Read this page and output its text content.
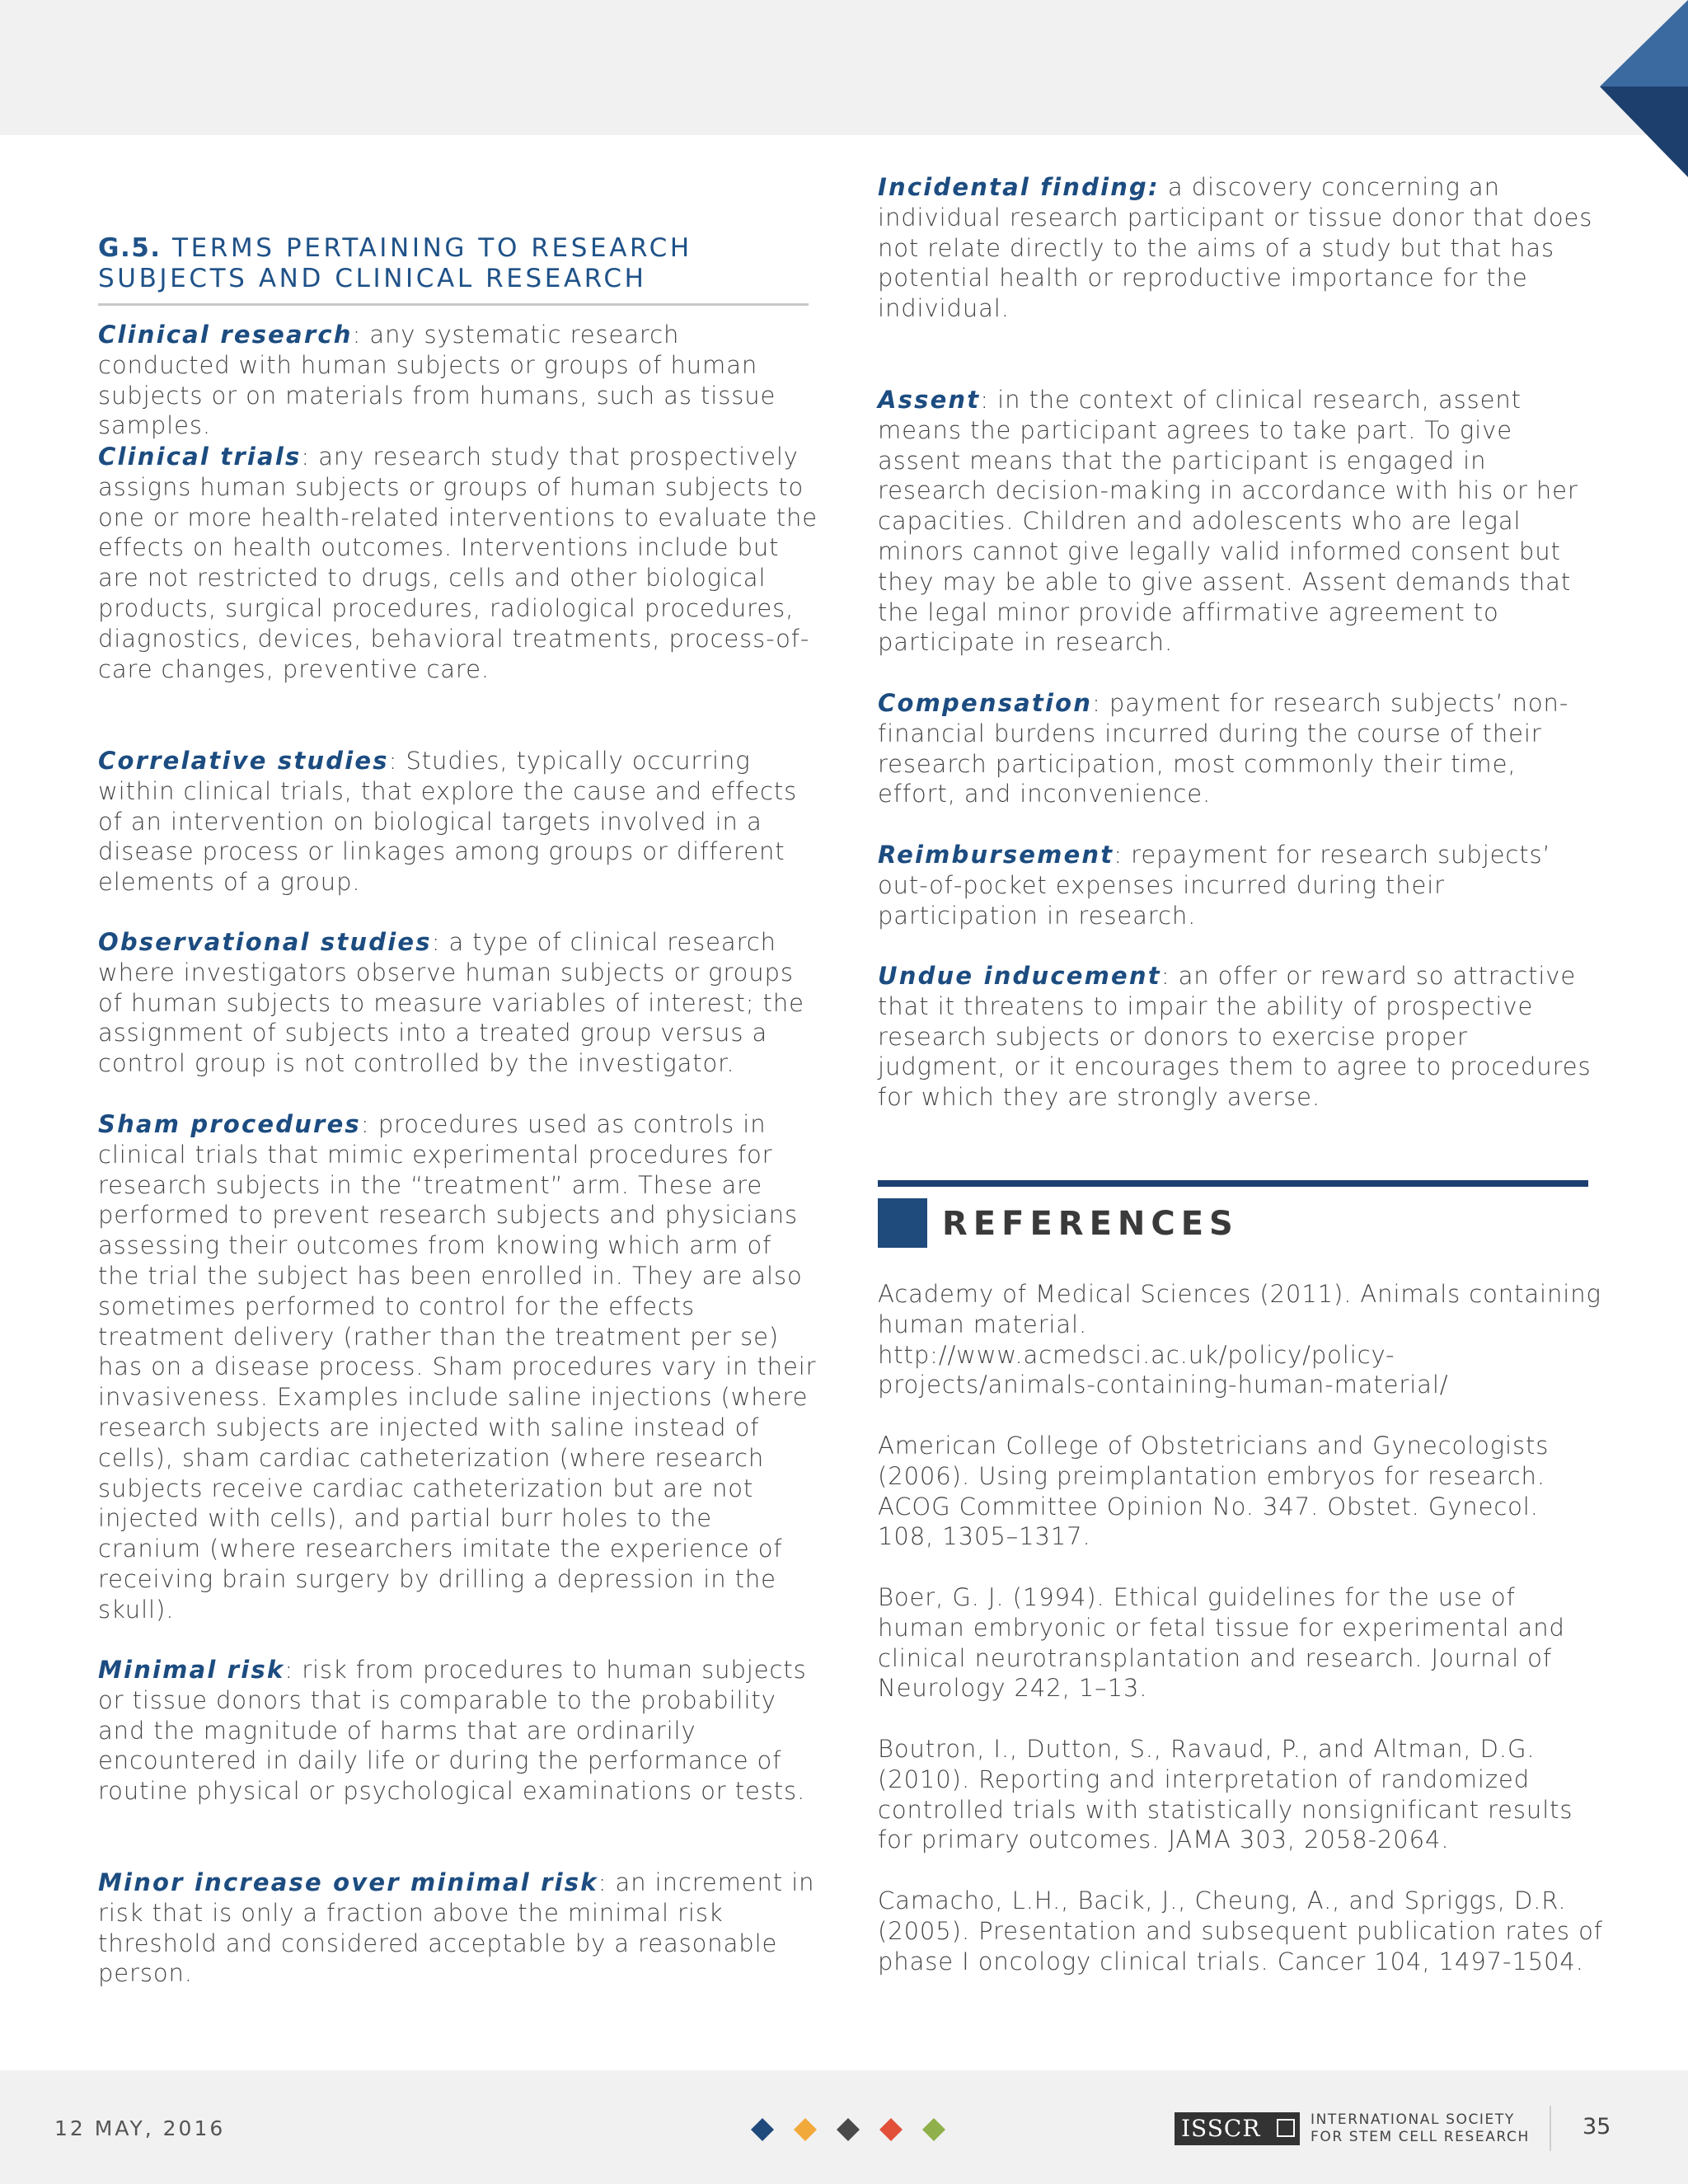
G.5. TERMS PERTAINING TO RESEARCH SUBJECTS AND CLINICAL RESEARCH
Clinical research: any systematic research conducted with human subjects or groups of human subjects or on materials from humans, such as tissue samples.
Clinical trials: any research study that prospectively assigns human subjects or groups of human subjects to one or more health-related interventions to evaluate the effects on health outcomes. Interventions include but are not restricted to drugs, cells and other biological products, surgical procedures, radiological procedures, diagnostics, devices, behavioral treatments, process-of-care changes, preventive care.
Correlative studies: Studies, typically occurring within clinical trials, that explore the cause and effects of an intervention on biological targets involved in a disease process or linkages among groups or different elements of a group.
Observational studies: a type of clinical research where investigators observe human subjects or groups of human subjects to measure variables of interest; the assignment of subjects into a treated group versus a control group is not controlled by the investigator.
Sham procedures: procedures used as controls in clinical trials that mimic experimental procedures for research subjects in the “treatment” arm. These are performed to prevent research subjects and physicians assessing their outcomes from knowing which arm of the trial the subject has been enrolled in. They are also sometimes performed to control for the effects treatment delivery (rather than the treatment per se) has on a disease process. Sham procedures vary in their invasiveness. Examples include saline injections (where research subjects are injected with saline instead of cells), sham cardiac catheterization (where research subjects receive cardiac catheterization but are not injected with cells), and partial burr holes to the cranium (where researchers imitate the experience of receiving brain surgery by drilling a depression in the skull).
Minimal risk: risk from procedures to human subjects or tissue donors that is comparable to the probability and the magnitude of harms that are ordinarily encountered in daily life or during the performance of routine physical or psychological examinations or tests.
Minor increase over minimal risk: an increment in risk that is only a fraction above the minimal risk threshold and considered acceptable by a reasonable person.
Incidental finding: a discovery concerning an individual research participant or tissue donor that does not relate directly to the aims of a study but that has potential health or reproductive importance for the individual.
Assent: in the context of clinical research, assent means the participant agrees to take part. To give assent means that the participant is engaged in research decision-making in accordance with his or her capacities. Children and adolescents who are legal minors cannot give legally valid informed consent but they may be able to give assent. Assent demands that the legal minor provide affirmative agreement to participate in research.
Compensation: payment for research subjects’ non-financial burdens incurred during the course of their research participation, most commonly their time, effort, and inconvenience.
Reimbursement: repayment for research subjects’ out-of-pocket expenses incurred during their participation in research.
Undue inducement: an offer or reward so attractive that it threatens to impair the ability of prospective research subjects or donors to exercise proper judgment, or it encourages them to agree to procedures for which they are strongly averse.
REFERENCES
Academy of Medical Sciences (2011). Animals containing human material. http://www.acmedsci.ac.uk/policy/policy-projects/animals-containing-human-material/
American College of Obstetricians and Gynecologists (2006). Using preimplantation embryos for research. ACOG Committee Opinion No. 347. Obstet. Gynecol. 108, 1305–1317.
Boer, G. J. (1994). Ethical guidelines for the use of human embryonic or fetal tissue for experimental and clinical neurotransplantation and research. Journal of Neurology 242, 1–13.
Boutron, I., Dutton, S., Ravaud, P., and Altman, D.G. (2010). Reporting and interpretation of randomized controlled trials with statistically nonsignificant results for primary outcomes. JAMA 303, 2058-2064.
Camacho, L.H., Bacik, J., Cheung, A., and Spriggs, D.R. (2005). Presentation and subsequent publication rates of phase I oncology clinical trials. Cancer 104, 1497-1504.
12 MAY, 2016	ISSCR	INTERNATIONAL SOCIETY
FOR STEM CELL RESEARCH 35
